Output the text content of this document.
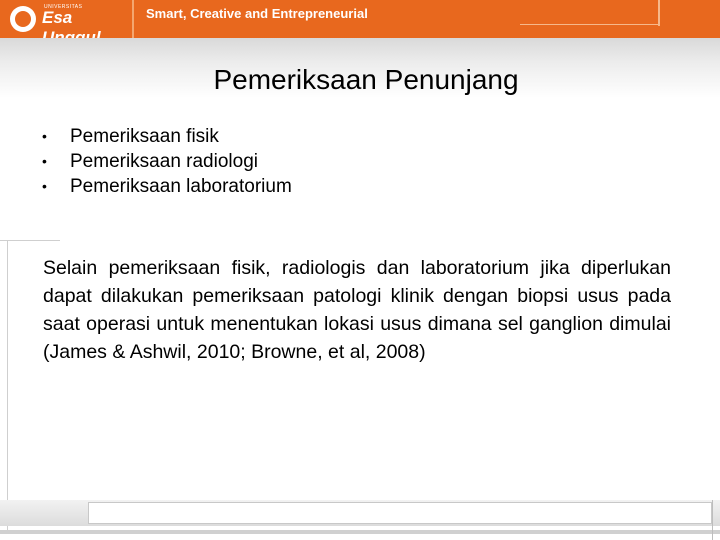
UNIVERSITAS
Esa	Smart, Creative and Entrepreneurial
Pemeriksaan Penunjang
•	Pemeriksaan fisik
•	Pemeriksaan radiologi
•	Pemeriksaan laboratorium

Selain pemeriksaan fisik, radiologis dan laboratorium jika diperlukan dapat dilakukan pemeriksaan patologi klinik dengan biopsi usus pada saat operasi untuk menentukan lokasi usus dimana sel ganglion dimulai (James & Ashwil, 2010; Browne, et al, 2008)
